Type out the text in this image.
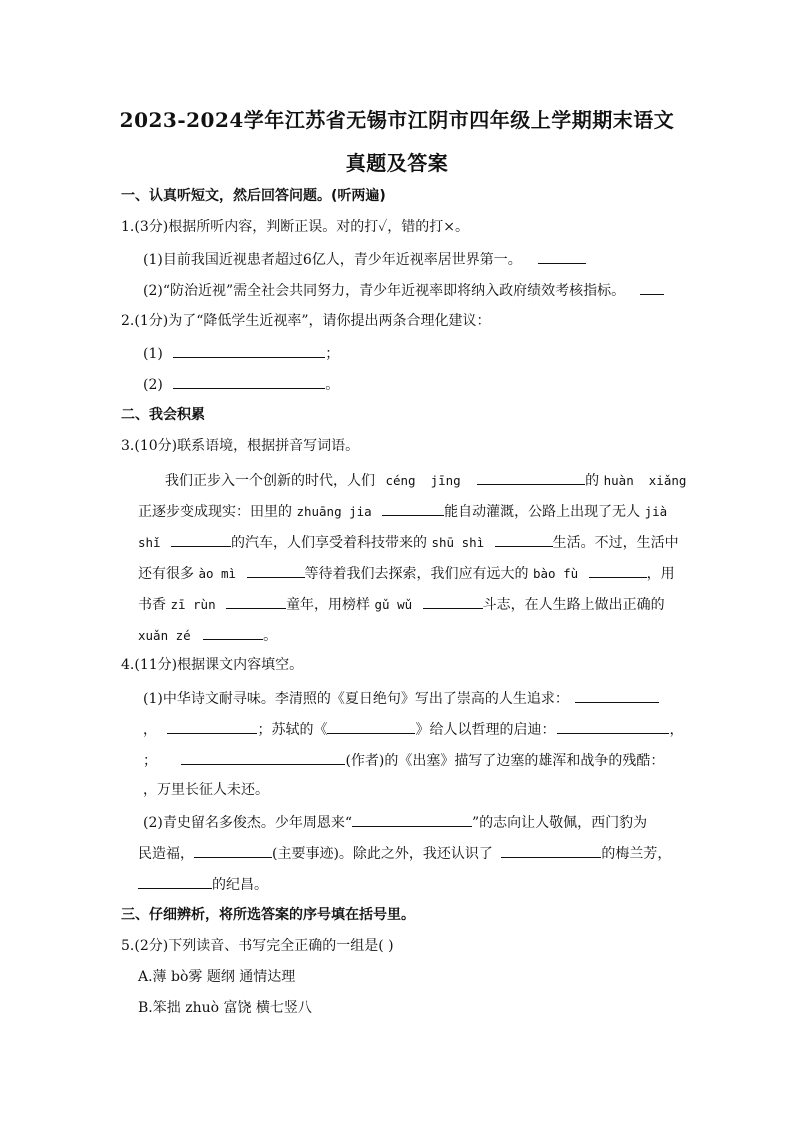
2023-2024学年江苏省无锡市江阴市四年级上学期期末语文
真题及答案
一、认真听短文，然后回答问题。(听两遍)
1.(3分)根据所听内容，判断正误。对的打✓，错的打×。
(1)目前我国近视患者超过6亿人，青少年近视率居世界第一。
(2)“防治近视”需全社会共同努力，青少年近视率即将纳入政府绩效考核指标。
2.(1分)为了“降低学生近视率”，请你提出两条合理化建议：
(1)	；
(2)	。
二、我会积累
3.(10分)联系语境，根据拼音写词语。
我们正步入一个创新的时代，人们 céng  jīng	的 huàn  xiǎng
正逐步变成现实：田里的 zhuāng jia	能自动灌溉，公路上出现了无人 jià
shǐ	的汽车，人们享受着科技带来的 shū shì	生活。不过，生活中
还有很多 ào mì	等待着我们去探索，我们应有远大的 bào fù	，用
书香 zī rùn	童年，用榜样 gǔ wǔ	斗志，在人生路上做出正确的
xuǎn zé	。
4.(11分)根据课文内容填空。
(1)中华诗文耐寻味。李清照的《夏日绝句》写出了崇高的人生追求：
，	；苏轼的《	》给人以哲理的启迪：	，
；	(作者)的《出塞》描写了边塞的雄浑和战争的残酷：
，万里长征人未还。
(2)青史留名多俊杰。少年周恩来“	”的志向让人敬佩，西门豹为
民造福，	(主要事迹)。除此之外，我还认识了	的梅兰芳，
的纪昌。
三、仔细辨析，将所选答案的序号填在括号里。
5.(2分)下列读音、书写完全正确的一组是( )
A.薄 bò雾 题纲 通情达理
B.笨拙 zhuò 富饶 横七竖八
